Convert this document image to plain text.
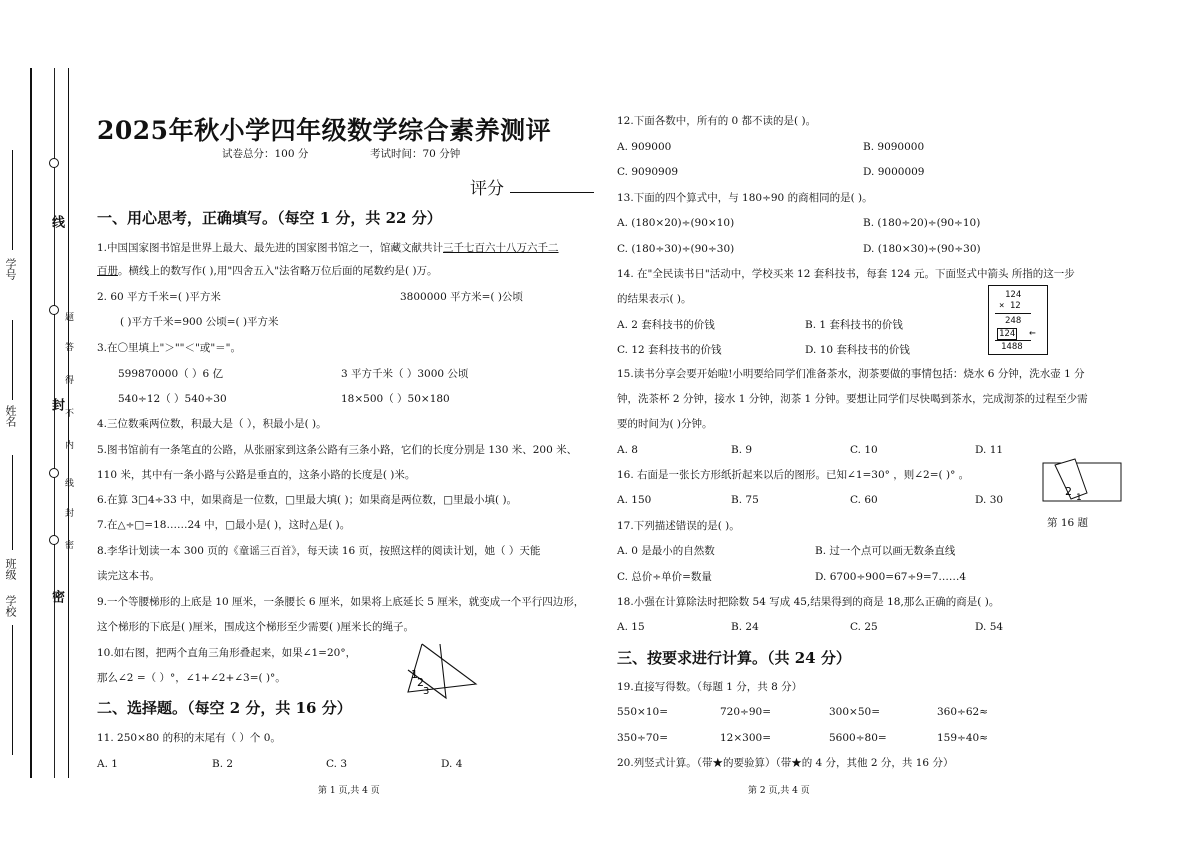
线
封
密
题
答
得
不
内
线
封
密
学校
班级
姓名
学号
2025年秋小学四年级数学综合素养测评
试卷总分：100 分	考试时间：70 分钟
评分
一、用心思考，正确填写。（每空 1 分，共 22 分）
1.中国国家图书馆是世界上最大、最先进的国家图书馆之一，馆藏文献共计三千七百六十八万六千二
百册。横线上的数写作( ),用"四舍五入"法省略万位后面的尾数约是( )万。
2. 60 平方千米=( )平方米	3800000 平方米=( )公顷
( )平方千米=900 公顷=( )平方米
3.在〇里填上"＞""＜"或"＝"。
599870000（ ）6 亿	3 平方千米（ ）3000 公顷
540÷12（ ）540÷30	18×500（ ）50×180
4.三位数乘两位数，积最大是（ ），积最小是( )。
5.图书馆前有一条笔直的公路，从张丽家到这条公路有三条小路，它们的长度分别是 130 米、200 米、
110 米，其中有一条小路与公路是垂直的，这条小路的长度是( )米。
6.在算 3□4÷33 中，如果商是一位数，□里最大填( )；如果商是两位数，□里最小填( )。
7.在△÷□=18……24 中，□最小是( )，这时△是( )。
8.李华计划读一本 300 页的《童谣三百首》，每天读 16 页，按照这样的阅读计划，她（ ）天能
读完这本书。
9.一个等腰梯形的上底是 10 厘米，一条腰长 6 厘米，如果将上底延长 5 厘米，就变成一个平行四边形，
这个梯形的下底是( )厘米，围成这个梯形至少需要( )厘米长的绳子。
10.如右图，把两个直角三角形叠起来，如果∠1=20°，
那么∠2 =（ ）°，∠1+∠2+∠3=( )°。	1
2
3
二、选择题。（每空 2 分，共 16 分）
11. 250×80 的积的末尾有（ ）个 0。
A. 1	B. 2	C. 3	D. 4
第 1 页,共 4 页
12.下面各数中，所有的 0 都不读的是( )。
A. 909000	B. 9090000
C. 9090909	D. 9000009
13.下面的四个算式中，与 180÷90 的商相同的是( )。
A. (180×20)÷(90×10)	B. (180÷20)÷(90÷10)
C. (180÷30)÷(90÷30)	D. (180×30)÷(90÷30)
14. 在"全民读书日"活动中，学校买来 12 套科技书，每套 124 元。下面竖式中箭头 所指的这一步
的结果表示( )。
A. 2 套科技书的价钱	B. 1 套科技书的价钱
C. 12 套科技书的价钱	D. 10 套科技书的价钱
124
× 12
248
124 ←
1488
15.读书分享会要开始啦!小明要给同学们准备茶水，沏茶要做的事情包括：烧水 6 分钟，洗水壶 1 分
钟，洗茶杯 2 分钟，接水 1 分钟，沏茶 1 分钟。要想让同学们尽快喝到茶水，完成沏茶的过程至少需
要的时间为( )分钟。
A. 8	B. 9	C. 10	D. 11
16. 右面是一张长方形纸折起来以后的图形。已知∠1=30° ，则∠2=( )° 。
A. 150	B. 75	C. 60	D. 30
2 1
第 16 题
17.下列描述错误的是( )。
A. 0 是最小的自然数	B. 过一个点可以画无数条直线
C. 总价÷单价=数量	D. 6700÷900=67÷9=7……4
18.小强在计算除法时把除数 54 写成 45,结果得到的商是 18,那么正确的商是( )。
A. 15	B. 24	C. 25	D. 54
三、按要求进行计算。（共 24 分）
19.直接写得数。（每题 1 分，共 8 分）
550×10=	720÷90=	300×50=	360÷62≈
350÷70=	12×300=	5600÷80=	159÷40≈
20.列竖式计算。（带★的要验算）（带★的 4 分，其他 2 分，共 16 分）
第 2 页,共 4 页
